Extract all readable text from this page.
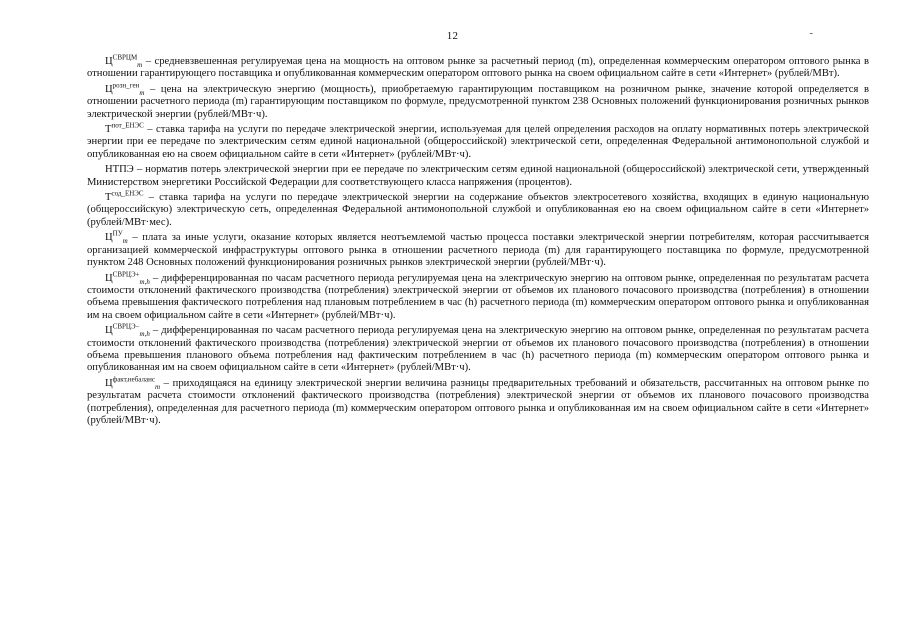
12	-

$Ц^{СВРЦМ}_m$ – средневзвешенная регулируемая цена на мощность на оптовом рынке за расчетный период (m), определенная коммерческим оператором оптового рынка в отношении гарантирующего поставщика и опубликованная коммерческим оператором оптового рынка на своем официальном сайте в сети «Интернет» (рублей/МВт).

$Ц^{розн\_ген}_m$ – цена на электрическую энергию (мощность), приобретаемую гарантирующим поставщиком на розничном рынке, значение которой определяется в отношении расчетного периода (m) гарантирующим поставщиком по формуле, предусмотренной пунктом 238 Основных положений функционирования розничных рынков электрической энергии (рублей/МВт·ч).

$Т^{пот\_ЕНЭС}$ – ставка тарифа на услуги по передаче электрической энергии, используемая для целей определения расходов на оплату нормативных потерь электрической энергии при ее передаче по электрическим сетям единой национальной (общероссийской) электрической сети, определенная Федеральной антимонопольной службой и опубликованная ею на своем официальном сайте в сети «Интернет» (рублей/МВт·ч).

НТПЭ – норматив потерь электрической энергии при ее передаче по электрическим сетям единой национальной (общероссийской) электрической сети, утвержденный Министерством энергетики Российской Федерации для соответствующего класса напряжения (процентов).

$Т^{сод\_ЕНЭС}$ – ставка тарифа на услуги по передаче электрической энергии на содержание объектов электросетевого хозяйства, входящих в единую национальную (общероссийскую) электрическую сеть, определенная Федеральной антимонопольной службой и опубликованная ею на своем официальном сайте в сети «Интернет» (рублей/МВт·мес).

$Ц^{ПУ}_m$ – плата за иные услуги, оказание которых является неотъемлемой частью процесса поставки электрической энергии потребителям, которая рассчитывается организацией коммерческой инфраструктуры оптового рынка в отношении расчетного периода (m) для гарантирующего поставщика по формуле, предусмотренной пунктом 248 Основных положений функционирования розничных рынков электрической энергии (рублей/МВт·ч).

$Ц^{СВРЦЭ+}_{m,h}$ – дифференцированная по часам расчетного периода регулируемая цена на электрическую энергию на оптовом рынке, определенная по результатам расчета стоимости отклонений фактического производства (потребления) электрической энергии от объемов их планового почасового производства (потребления) в отношении объема превышения фактического потребления над плановым потреблением в час (h) расчетного периода (m) коммерческим оператором оптового рынка и опубликованная им на своем официальном сайте в сети «Интернет» (рублей/МВт·ч).

$Ц^{СВРЦЭ-}_{m,h}$ – дифференцированная по часам расчетного периода регулируемая цена на электрическую энергию на оптовом рынке, определенная по результатам расчета стоимости отклонений фактического производства (потребления) электрической энергии от объемов их планового почасового производства (потребления) в отношении объема превышения планового объема потребления над фактическим потреблением в час (h) расчетного периода (m) коммерческим оператором оптового рынка и опубликованная им на своем официальном сайте в сети «Интернет» (рублей/МВт·ч).

$Ц^{факт,небаланс}_m$ – приходящаяся на единицу электрической энергии величина разницы предварительных требований и обязательств, рассчитанных на оптовом рынке по результатам расчета стоимости отклонений фактического производства (потребления) электрической энергии от объемов их планового почасового производства (потребления), определенная для расчетного периода (m) коммерческим оператором оптового рынка и опубликованная им на своем официальном сайте в сети «Интернет» (рублей/МВт·ч).
